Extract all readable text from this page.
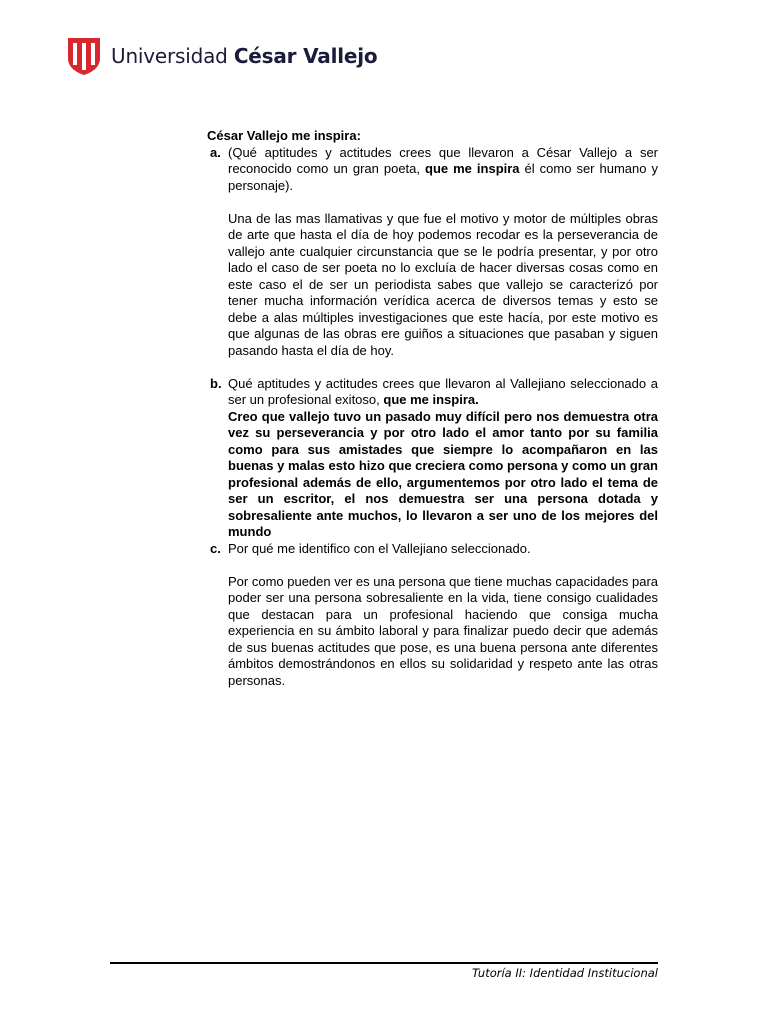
Universidad César Vallejo
César Vallejo me inspira:
a. (Qué aptitudes y actitudes crees que llevaron a César Vallejo a ser reconocido como un gran poeta, que me inspira él como ser humano y personaje).

Una de las mas llamativas y que fue el motivo y motor de múltiples obras de arte que hasta el día de hoy podemos recodar es la perseverancia de vallejo ante cualquier circunstancia que se le podría presentar, y por otro lado el caso de ser poeta no lo excluía de hacer diversas cosas como en este caso el de ser un periodista sabes que vallejo se caracterizó por tener mucha información verídica acerca de diversos temas y esto se debe a alas múltiples investigaciones que este hacía, por este motivo es que algunas de las obras ere guiños a situaciones que pasaban y siguen pasando hasta el día de hoy.

b. Qué aptitudes y actitudes crees que llevaron al Vallejiano seleccionado a ser un profesional exitoso, que me inspira.

Creo que vallejo tuvo un pasado muy difícil pero nos demuestra otra vez su perseverancia y por otro lado el amor tanto por su familia como para sus amistades que siempre lo acompañaron en las buenas y malas esto hizo que creciera como persona y como un gran profesional además de ello, argumentemos por otro lado el tema de ser un escritor, el nos demuestra ser una persona dotada y sobresaliente ante muchos, lo llevaron a ser uno de los mejores del mundo

c. Por qué me identifico con el Vallejiano seleccionado.

Por como pueden ver es una persona que tiene muchas capacidades para poder ser una persona sobresaliente en la vida, tiene consigo cualidades que destacan para un profesional haciendo que consiga mucha experiencia en su ámbito laboral y para finalizar puedo decir que además de sus buenas actitudes que pose, es una buena persona ante diferentes ámbitos demostrándonos en ellos su solidaridad y respeto ante las otras personas.

Tutoría II: Identidad Institucional
